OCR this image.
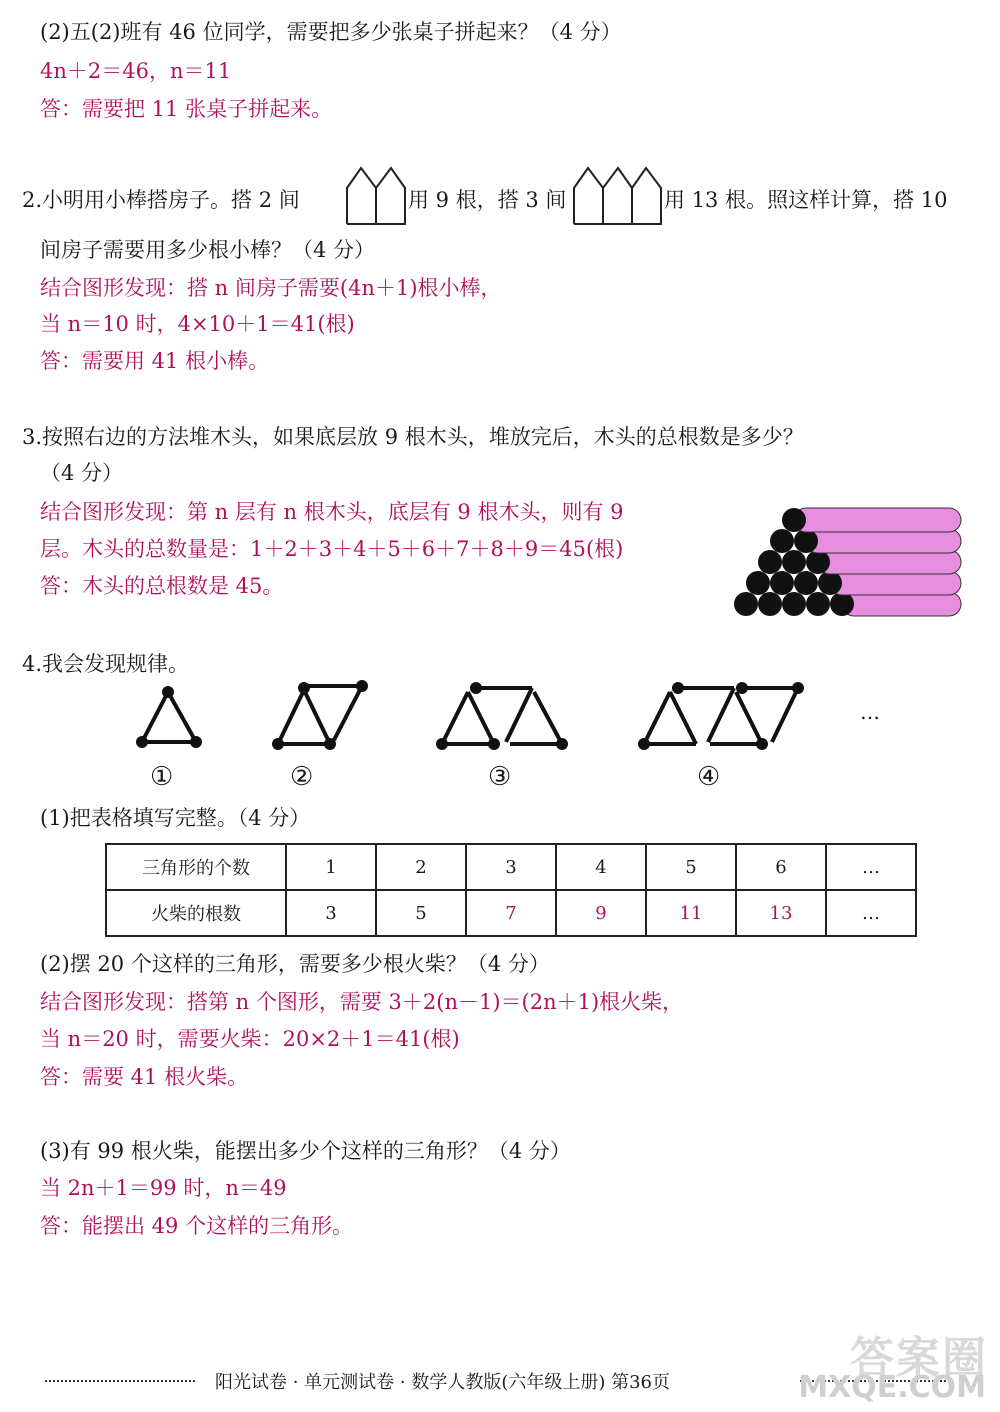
(2)五(2)班有 46 位同学，需要把多少张桌子拼起来？（4 分）
4n＋2＝46，n＝11
答：需要把 11 张桌子拼起来。
2.小明用小棒搭房子。搭 2 间	用 9 根，搭 3 间	用 13 根。照这样计算，搭 10
间房子需要用多少根小棒？（4 分）
结合图形发现：搭 n 间房子需要(4n＋1)根小棒，
当 n＝10 时，4×10＋1＝41(根)
答：需要用 41 根小棒。
3.按照右边的方法堆木头，如果底层放 9 根木头，堆放完后，木头的总根数是多少？
（4 分）
结合图形发现：第 n 层有 n 根木头，底层有 9 根木头，则有 9
层。木头的总数量是：1＋2＋3＋4＋5＋6＋7＋8＋9＝45(根)
答：木头的总根数是 45。
4.我会发现规律。
…
①	②	③	④
(1)把表格填写完整。（4 分）
三角形的个数	1	2	3	4	5	6	…
火柴的根数	3	5	7	9	11	13	…
(2)摆 20 个这样的三角形，需要多少根火柴？（4 分）
结合图形发现：搭第 n 个图形，需要 3＋2(n－1)＝(2n＋1)根火柴，
当 n＝20 时，需要火柴：20×2＋1＝41(根)
答：需要 41 根火柴。
(3)有 99 根火柴，能摆出多少个这样的三角形？（4 分）
当 2n＋1＝99 时，n＝49
答：能摆出 49 个这样的三角形。
阳光试卷 · 单元测试卷 · 数学人教版(六年级上册) 第36页	答案圈
MXQE.COM
